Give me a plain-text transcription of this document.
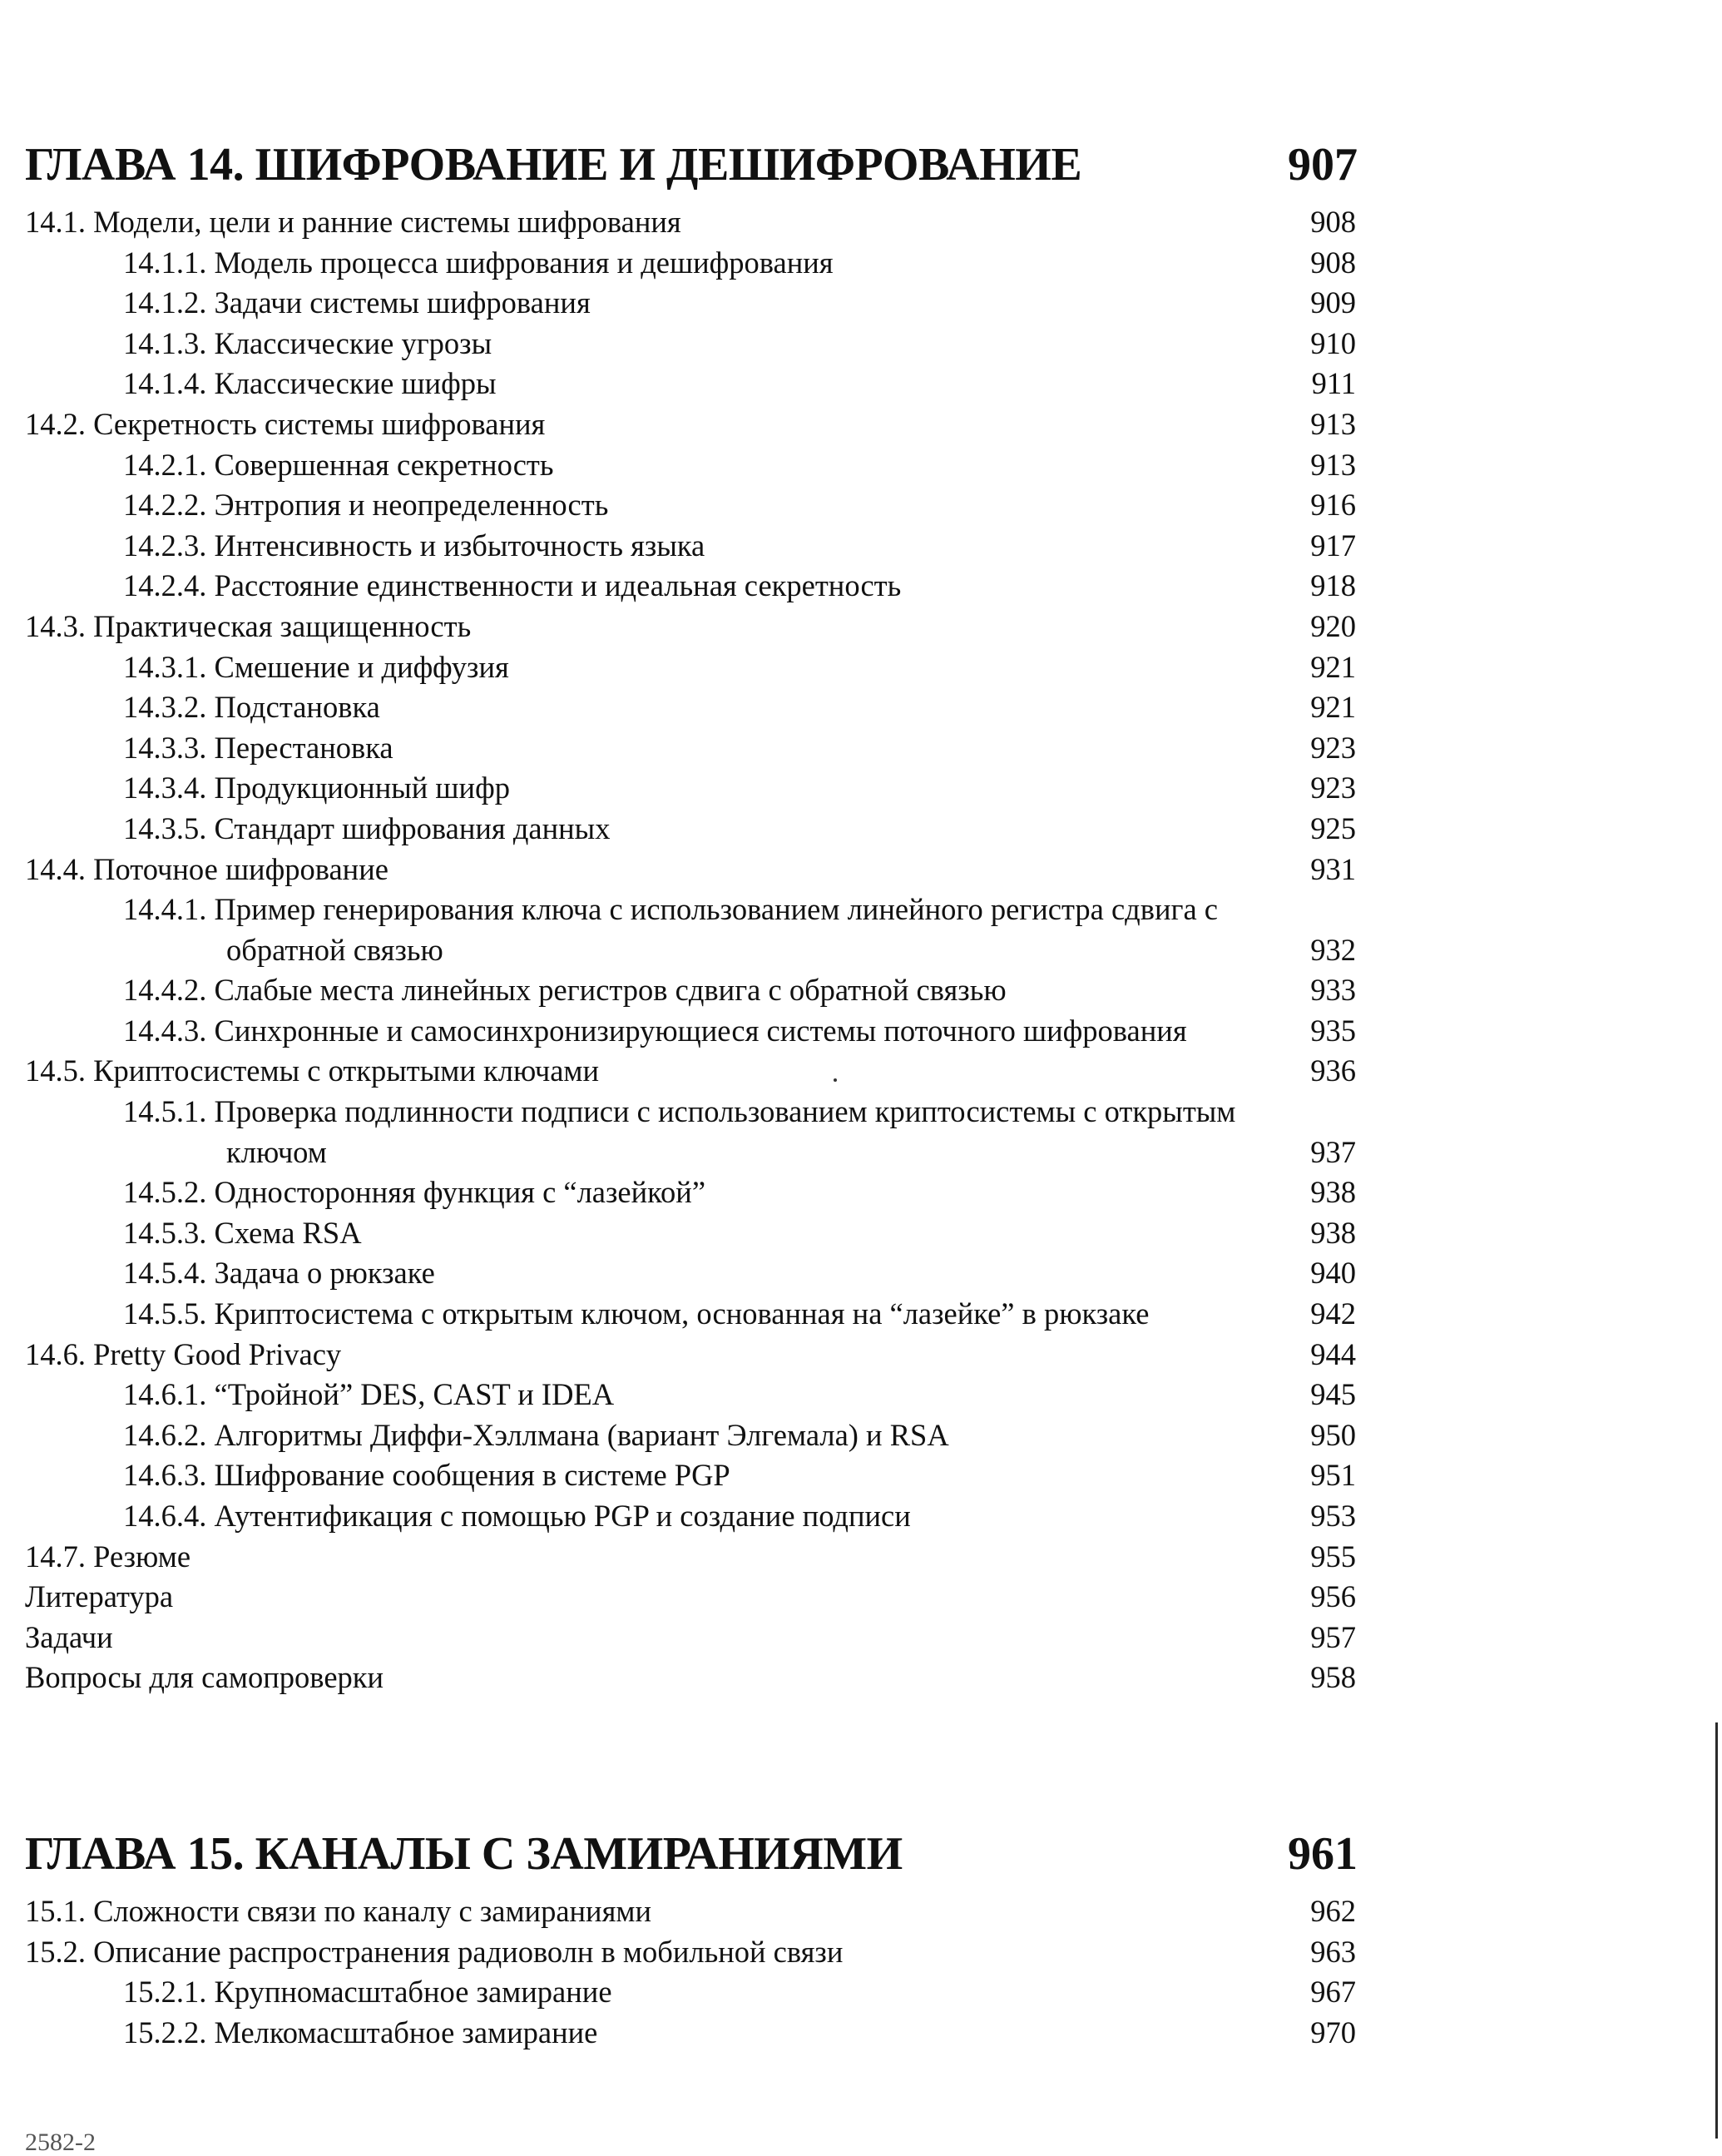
ГЛАВА 14. ШИФРОВАНИЕ И ДЕШИФРОВАНИЕ	907
14.1. Модели, цели и ранние системы шифрования	908
14.1.1. Модель процесса шифрования и дешифрования	908
14.1.2. Задачи системы шифрования	909
14.1.3. Классические угрозы	910
14.1.4. Классические шифры	911
14.2. Секретность системы шифрования	913
14.2.1. Совершенная секретность	913
14.2.2. Энтропия и неопределенность	916
14.2.3. Интенсивность и избыточность языка	917
14.2.4. Расстояние единственности и идеальная секретность	918
14.3. Практическая защищенность	920
14.3.1. Смешение и диффузия	921
14.3.2. Подстановка	921
14.3.3. Перестановка	923
14.3.4. Продукционный шифр	923
14.3.5. Стандарт шифрования данных	925
14.4. Поточное шифрование	931
14.4.1. Пример генерирования ключа с использованием линейного регистра сдвига с обратной связью	932
14.4.2. Слабые места линейных регистров сдвига с обратной связью	933
14.4.3. Синхронные и самосинхронизирующиеся системы поточного шифрования	935
14.5. Криптосистемы с открытыми ключами	936
14.5.1. Проверка подлинности подписи с использованием криптосистемы с открытым ключом	937
14.5.2. Односторонняя функция с “лазейкой”	938
14.5.3. Схема RSA	938
14.5.4. Задача о рюкзаке	940
14.5.5. Криптосистема с открытым ключом, основанная на “лазейке” в рюкзаке	942
14.6. Pretty Good Privacy	944
14.6.1. “Тройной” DES, CAST и IDEA	945
14.6.2. Алгоритмы Диффи-Хэллмана (вариант Элгемала) и RSA	950
14.6.3. Шифрование сообщения в системе PGP	951
14.6.4. Аутентификация с помощью PGP и создание подписи	953
14.7. Резюме	955
Литература	956
Задачи	957
Вопросы для самопроверки	958
ГЛАВА 15. КАНАЛЫ С ЗАМИРАНИЯМИ	961
15.1. Сложности связи по каналу с замираниями	962
15.2. Описание распространения радиоволн в мобильной связи	963
15.2.1. Крупномасштабное замирание	967
15.2.2. Мелкомасштабное замирание	970
2582-2
